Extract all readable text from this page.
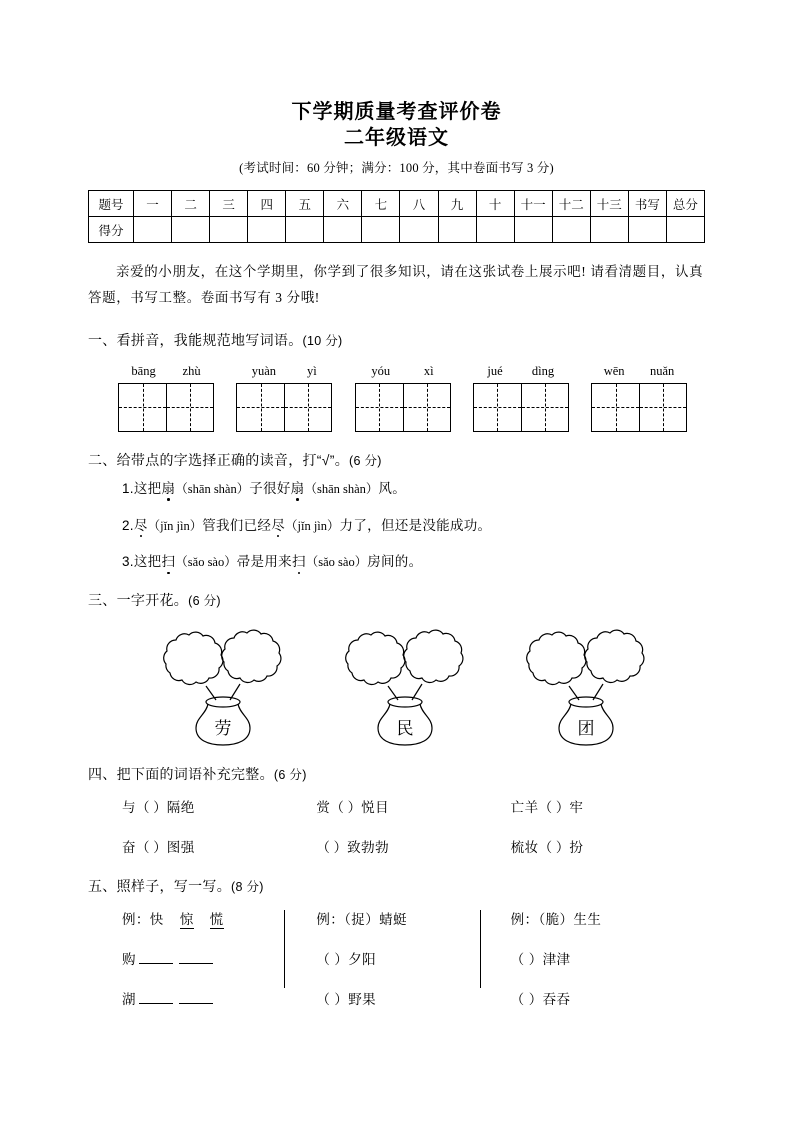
下学期质量考查评价卷
二年级语文
(考试时间：60 分钟；满分：100 分，其中卷面书写 3 分)
题号	一	二	三	四	五	六	七	八	九	十	十一	十二	十三	书写	总分
得分															
亲爱的小朋友，在这个学期里，你学到了很多知识，请在这张试卷上展示吧! 请看清题目，认真答题，书写工整。卷面书写有 3 分哦!
一、看拼音，我能规范地写词语。(10 分)
bāng	zhù	yuàn	yì	yóu	xì	jué	dìng	wēn	nuǎn
二、给带点的字选择正确的读音，打“√”。(6 分)
1.这把扇（shān shàn）子很好扇（shān shàn）风。
2.尽（jǐn jìn）管我们已经尽（jǐn jìn）力了，但还是没能成功。
3.这把扫（sǎo sào）帚是用来扫（sǎo sào）房间的。
三、一字开花。(6 分)
劳	民	团
四、把下面的词语补充完整。(6 分)
与（ ）隔绝	赏（ ）悦目	亡羊（ ）牢
奋（ ）图强	（ ）致勃勃	梳妆（ ）扮
五、照样子，写一写。(8 分)
例：快 惊 慌	例：（捉）蜻蜓	例：（脆）生生
购	（ ）夕阳	（ ）津津
湖	（ ）野果	（ ）吞吞
